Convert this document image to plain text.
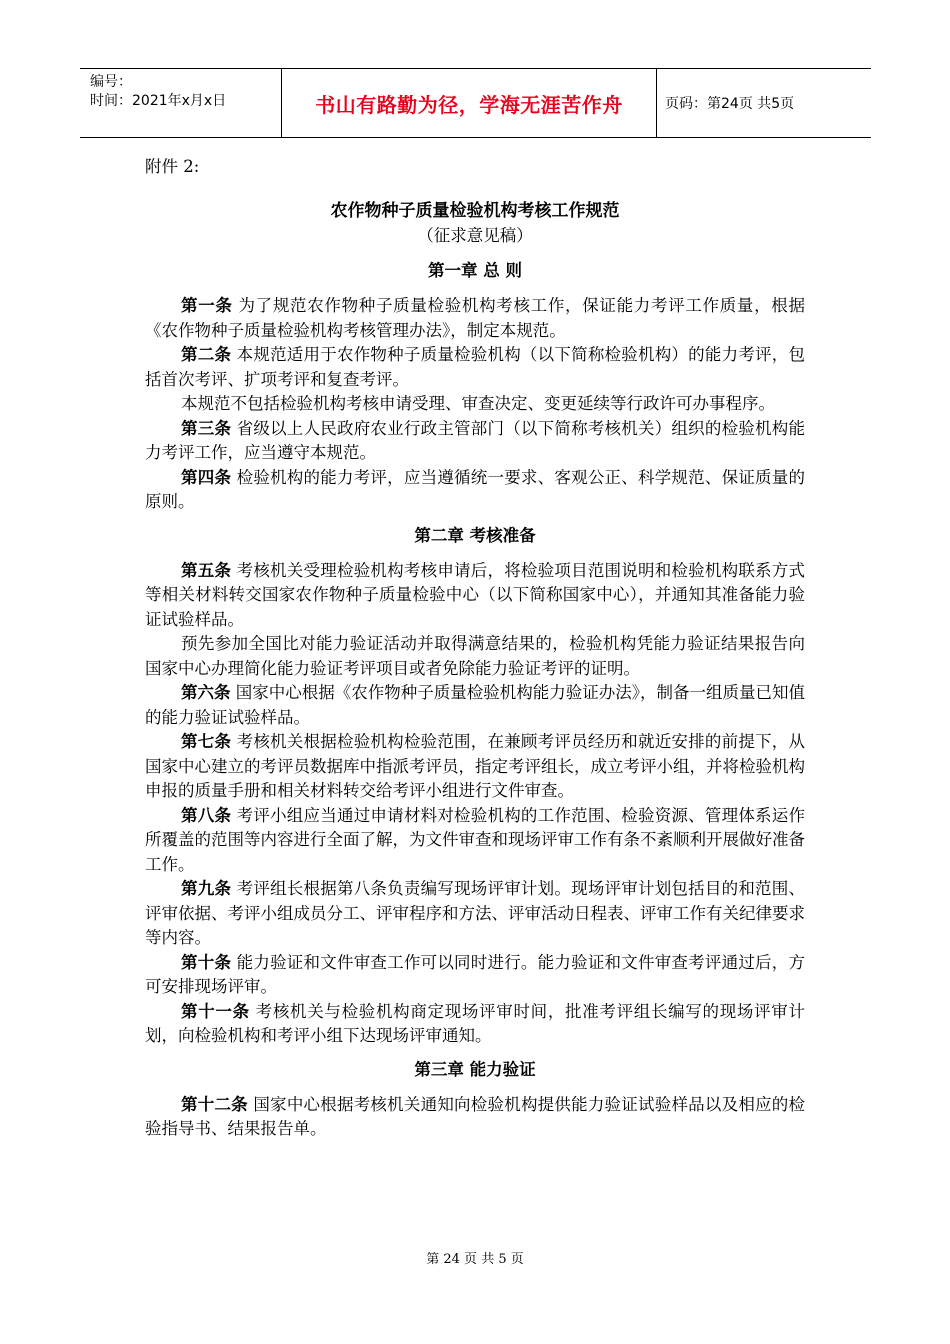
编号：
时间：2021年x月x日	书山有路勤为径，学海无涯苦作舟	页码：第24页 共5页

附件 2:

农作物种子质量检验机构考核工作规范

（征求意见稿）

第一章 总 则

第一条 为了规范农作物种子质量检验机构考核工作，保证能力考评工作质量，根据《农作物种子质量检验机构考核管理办法》，制定本规范。

第二条 本规范适用于农作物种子质量检验机构（以下简称检验机构）的能力考评，包括首次考评、扩项考评和复查考评。

本规范不包括检验机构考核申请受理、审查决定、变更延续等行政许可办事程序。

第三条 省级以上人民政府农业行政主管部门（以下简称考核机关）组织的检验机构能力考评工作，应当遵守本规范。

第四条 检验机构的能力考评，应当遵循统一要求、客观公正、科学规范、保证质量的原则。

第二章 考核准备

第五条 考核机关受理检验机构考核申请后，将检验项目范围说明和检验机构联系方式等相关材料转交国家农作物种子质量检验中心（以下简称国家中心），并通知其准备能力验证试验样品。

预先参加全国比对能力验证活动并取得满意结果的，检验机构凭能力验证结果报告向国家中心办理简化能力验证考评项目或者免除能力验证考评的证明。

第六条 国家中心根据《农作物种子质量检验机构能力验证办法》，制备一组质量已知值的能力验证试验样品。

第七条 考核机关根据检验机构检验范围，在兼顾考评员经历和就近安排的前提下，从国家中心建立的考评员数据库中指派考评员，指定考评组长，成立考评小组，并将检验机构申报的质量手册和相关材料转交给考评小组进行文件审查。

第八条 考评小组应当通过申请材料对检验机构的工作范围、检验资源、管理体系运作所覆盖的范围等内容进行全面了解，为文件审查和现场评审工作有条不紊顺利开展做好准备工作。

第九条 考评组长根据第八条负责编写现场评审计划。现场评审计划包括目的和范围、评审依据、考评小组成员分工、评审程序和方法、评审活动日程表、评审工作有关纪律要求等内容。

第十条 能力验证和文件审查工作可以同时进行。能力验证和文件审查考评通过后，方可安排现场评审。

第十一条 考核机关与检验机构商定现场评审时间，批准考评组长编写的现场评审计划，向检验机构和考评小组下达现场评审通知。

第三章 能力验证

第十二条 国家中心根据考核机关通知向检验机构提供能力验证试验样品以及相应的检验指导书、结果报告单。

第 24 页 共 5 页
